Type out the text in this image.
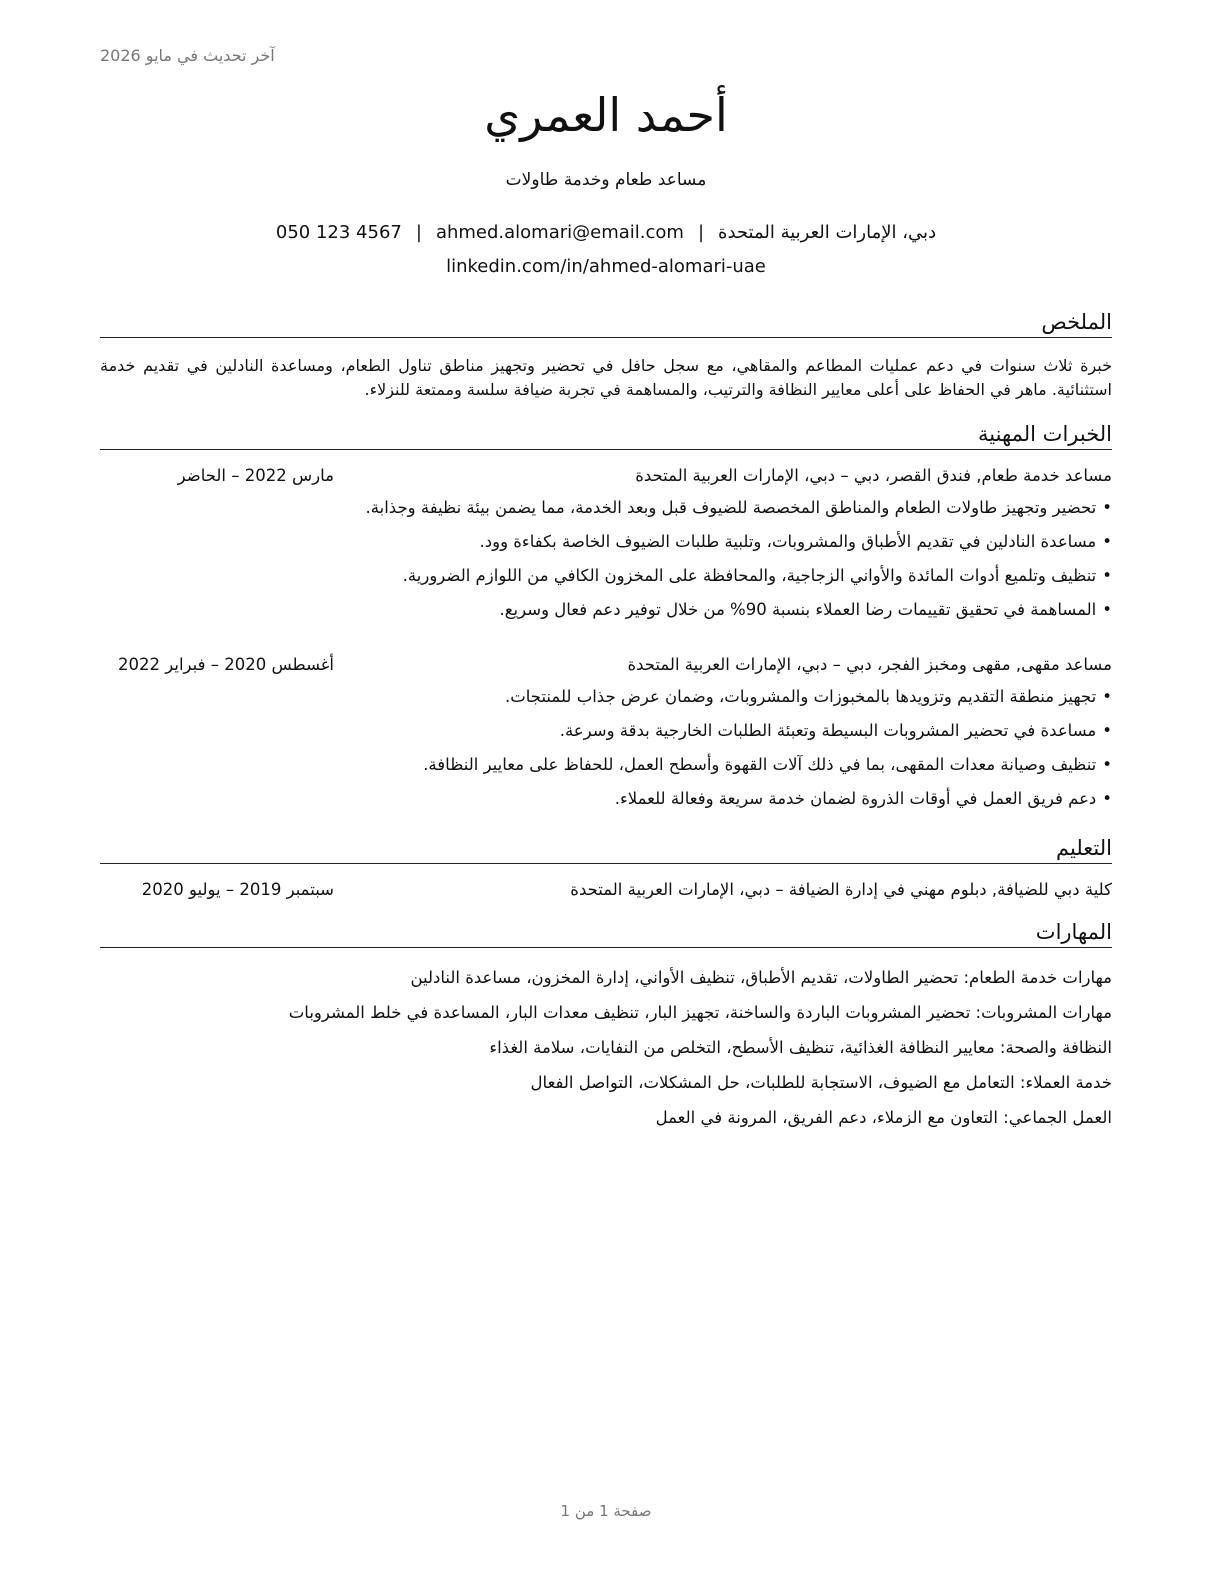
آخر تحديث في مايو 2026
أحمد العمري
مساعد طعام وخدمة طاولات
دبي، الإمارات العربية المتحدة|ahmed.alomari@email.com|050 123 4567
linkedin.com/in/ahmed-alomari-uae
الملخص
خبرة ثلاث سنوات في دعم عمليات المطاعم والمقاهي، مع سجل حافل في تحضير وتجهيز مناطق تناول الطعام، ومساعدة النادلين في تقديم خدمة استثنائية. ماهر في الحفاظ على أعلى معايير النظافة والترتيب، والمساهمة في تجربة ضيافة سلسة وممتعة للنزلاء.
الخبرات المهنية
مساعد خدمة طعام, فندق القصر، دبي – دبي، الإمارات العربية المتحدة
مارس 2022 – الحاضر
•تحضير وتجهيز طاولات الطعام والمناطق المخصصة للضيوف قبل وبعد الخدمة، مما يضمن بيئة نظيفة وجذابة.
•مساعدة النادلين في تقديم الأطباق والمشروبات، وتلبية طلبات الضيوف الخاصة بكفاءة وود.
•تنظيف وتلميع أدوات المائدة والأواني الزجاجية، والمحافظة على المخزون الكافي من اللوازم الضرورية.
•المساهمة في تحقيق تقييمات رضا العملاء بنسبة 90% من خلال توفير دعم فعال وسريع.
مساعد مقهى, مقهى ومخبز الفجر، دبي – دبي، الإمارات العربية المتحدة
أغسطس 2020 – فبراير 2022
•تجهيز منطقة التقديم وتزويدها بالمخبوزات والمشروبات، وضمان عرض جذاب للمنتجات.
•مساعدة في تحضير المشروبات البسيطة وتعبئة الطلبات الخارجية بدقة وسرعة.
•تنظيف وصيانة معدات المقهى، بما في ذلك آلات القهوة وأسطح العمل، للحفاظ على معايير النظافة.
•دعم فريق العمل في أوقات الذروة لضمان خدمة سريعة وفعالة للعملاء.
التعليم
كلية دبي للضيافة, دبلوم مهني في إدارة الضيافة – دبي، الإمارات العربية المتحدة
سبتمبر 2019 – يوليو 2020
المهارات
مهارات خدمة الطعام: تحضير الطاولات، تقديم الأطباق، تنظيف الأواني، إدارة المخزون، مساعدة النادلين
مهارات المشروبات: تحضير المشروبات الباردة والساخنة، تجهيز البار، تنظيف معدات البار، المساعدة في خلط المشروبات
النظافة والصحة: معايير النظافة الغذائية، تنظيف الأسطح، التخلص من النفايات، سلامة الغذاء
خدمة العملاء: التعامل مع الضيوف، الاستجابة للطلبات، حل المشكلات، التواصل الفعال
العمل الجماعي: التعاون مع الزملاء، دعم الفريق، المرونة في العمل
صفحة 1 من 1
